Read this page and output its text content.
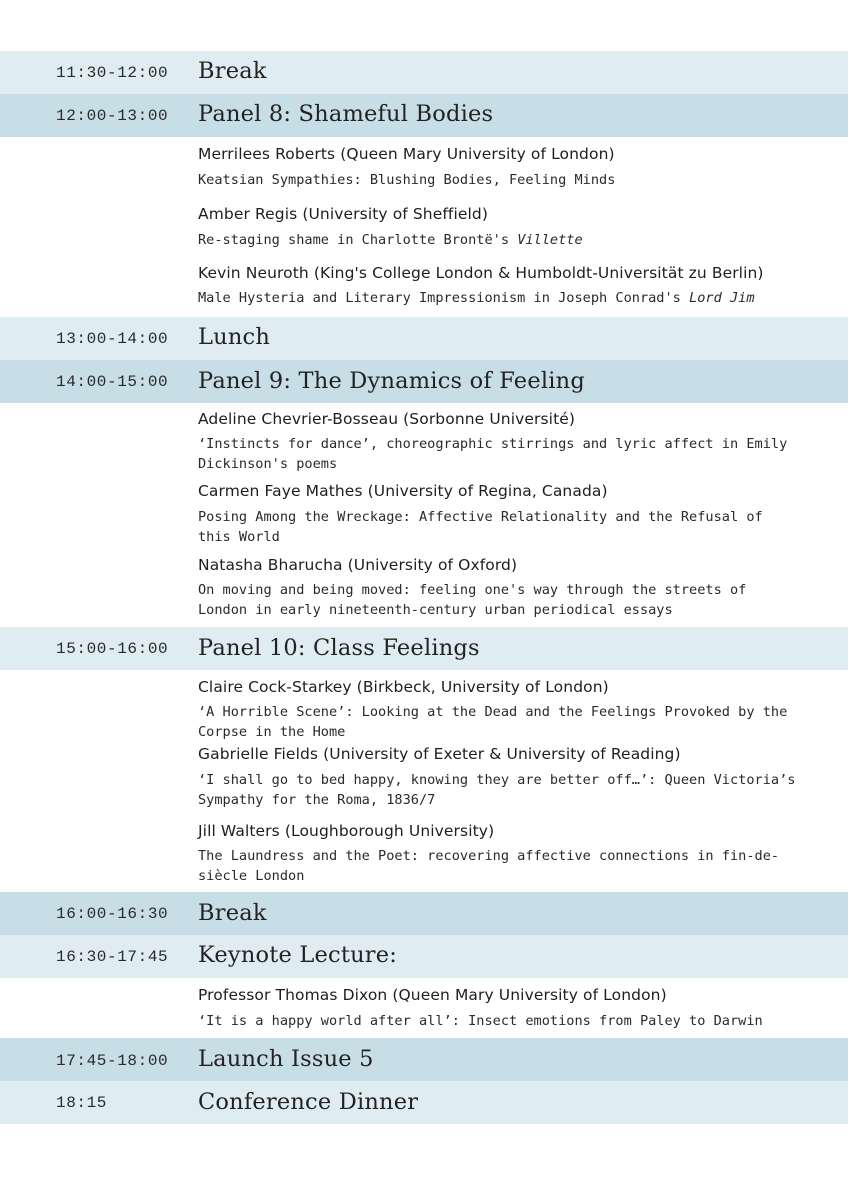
11:30-12:00 Break
12:00-13:00 Panel 8: Shameful Bodies
Merrilees Roberts (Queen Mary University of London)
Keatsian Sympathies: Blushing Bodies, Feeling Minds
Amber Regis (University of Sheffield)
Re-staging shame in Charlotte Brontë's Villette
Kevin Neuroth (King's College London & Humboldt-Universität zu Berlin)
Male Hysteria and Literary Impressionism in Joseph Conrad's Lord Jim
13:00-14:00 Lunch
14:00-15:00 Panel 9: The Dynamics of Feeling
Adeline Chevrier-Bosseau (Sorbonne Université)
‘Instincts for dance’, choreographic stirrings and lyric affect in Emily Dickinson's poems
Carmen Faye Mathes (University of Regina, Canada)
Posing Among the Wreckage: Affective Relationality and the Refusal of this World
Natasha Bharucha (University of Oxford)
On moving and being moved: feeling one's way through the streets of London in early nineteenth-century urban periodical essays
15:00-16:00 Panel 10: Class Feelings
Claire Cock-Starkey (Birkbeck, University of London)
‘A Horrible Scene’: Looking at the Dead and the Feelings Provoked by the Corpse in the Home
Gabrielle Fields (University of Exeter & University of Reading)
‘I shall go to bed happy, knowing they are better off…’: Queen Victoria’s Sympathy for the Roma, 1836/7
Jill Walters (Loughborough University)
The Laundress and the Poet: recovering affective connections in fin-de-siècle London
16:00-16:30 Break
16:30-17:45 Keynote Lecture:
Professor Thomas Dixon (Queen Mary University of London)
‘It is a happy world after all’: Insect emotions from Paley to Darwin
17:45-18:00 Launch Issue 5
18:15	Conference Dinner
